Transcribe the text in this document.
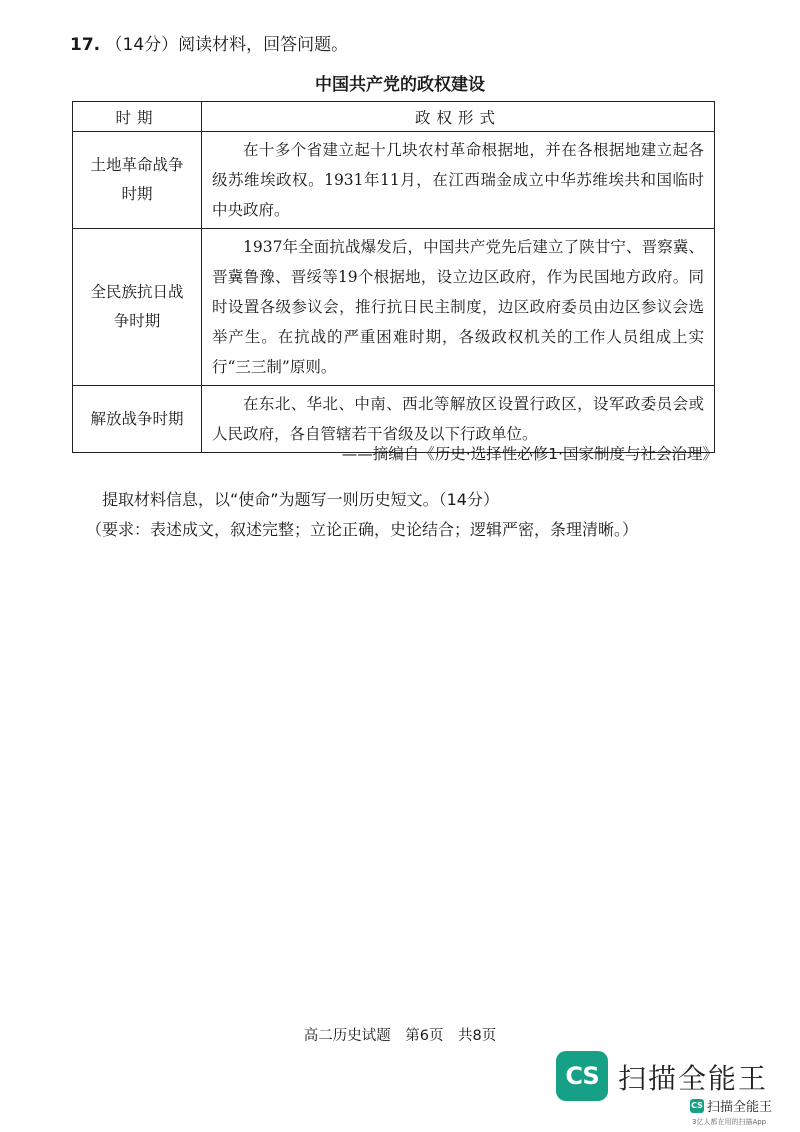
17. （14分）阅读材料，回答问题。
中国共产党的政权建设
时期	政权形式
土地革命战争时期	在十多个省建立起十几块农村革命根据地，并在各根据地建立起各级苏维埃政权。1931年11月，在江西瑞金成立中华苏维埃共和国临时中央政府。
全民族抗日战争时期	1937年全面抗战爆发后，中国共产党先后建立了陕甘宁、晋察冀、晋冀鲁豫、晋绥等19个根据地，设立边区政府，作为民国地方政府。同时设置各级参议会，推行抗日民主制度，边区政府委员由边区参议会选举产生。在抗战的严重困难时期，各级政权机关的工作人员组成上实行“三三制”原则。
解放战争时期	在东北、华北、中南、西北等解放区设置行政区，设军政委员会或人民政府，各自管辖若干省级及以下行政单位。
——摘编自《历史·选择性必修1·国家制度与社会治理》
提取材料信息，以“使命”为题写一则历史短文。（14分）
（要求：表述成文，叙述完整；立论正确，史论结合；逻辑严密，条理清晰。）
高二历史试题　第6页　共8页
CS 扫描全能王
CS 扫描全能王
3亿人都在用的扫描App
